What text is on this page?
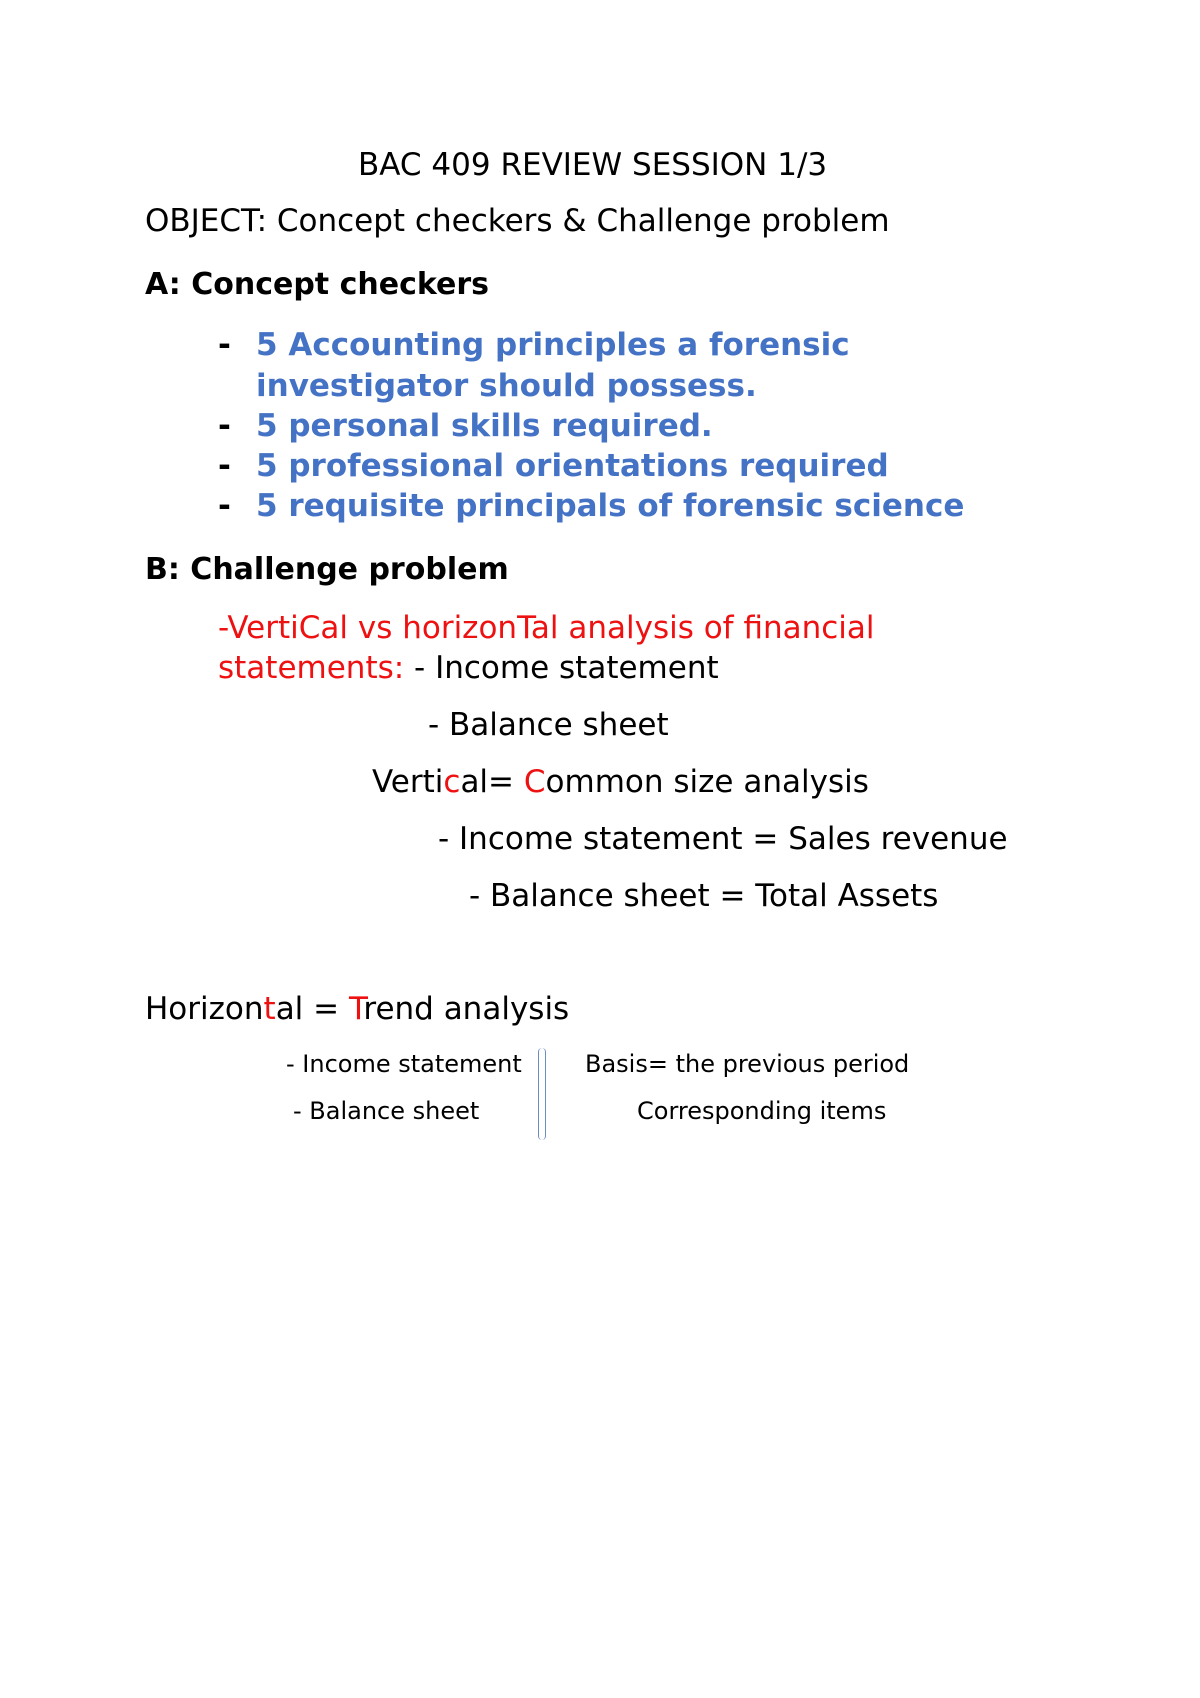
BAC 409 REVIEW SESSION 1/3
OBJECT: Concept checkers & Challenge problem
A: Concept checkers
- 5 Accounting principles a forensic
investigator should possess.
- 5 personal skills required.
- 5 professional orientations required
- 5 requisite principals of forensic science
B: Challenge problem
-VertiCal vs horizonTal analysis of financial
statements: - Income statement
- Balance sheet
Vertical= Common size analysis
- Income statement = Sales revenue
- Balance sheet = Total Assets
Horizontal = Trend analysis
- Income statement
- Balance sheet
Basis= the previous period
Corresponding items
